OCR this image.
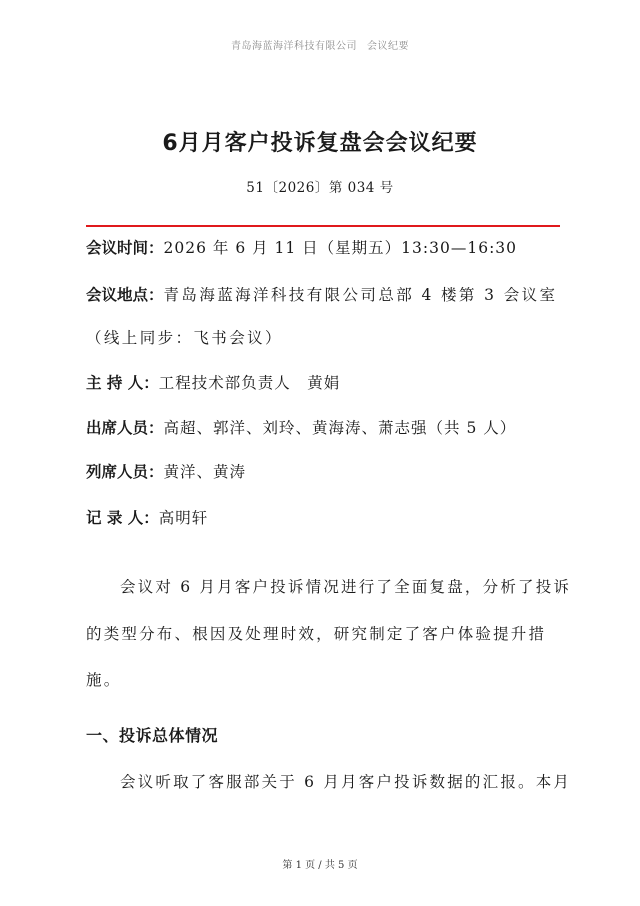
青岛海蓝海洋科技有限公司 会议纪要
6月月客户投诉复盘会会议纪要
51〔2026〕第 034 号
会议时间：2026 年 6 月 11 日（星期五）13:30—16:30
会议地点：青岛海蓝海洋科技有限公司总部 4 楼第 3 会议室
（线上同步：飞书会议）
主 持 人：工程技术部负责人　黄娟
出席人员：高超、郭洋、刘玲、黄海涛、萧志强（共 5 人）
列席人员：黄洋、黄涛
记 录 人：高明轩
会议对 6 月月客户投诉情况进行了全面复盘，分析了投诉
的类型分布、根因及处理时效，研究制定了客户体验提升措
施。
一、投诉总体情况
会议听取了客服部关于 6 月月客户投诉数据的汇报。本月
第 1 页 / 共 5 页
